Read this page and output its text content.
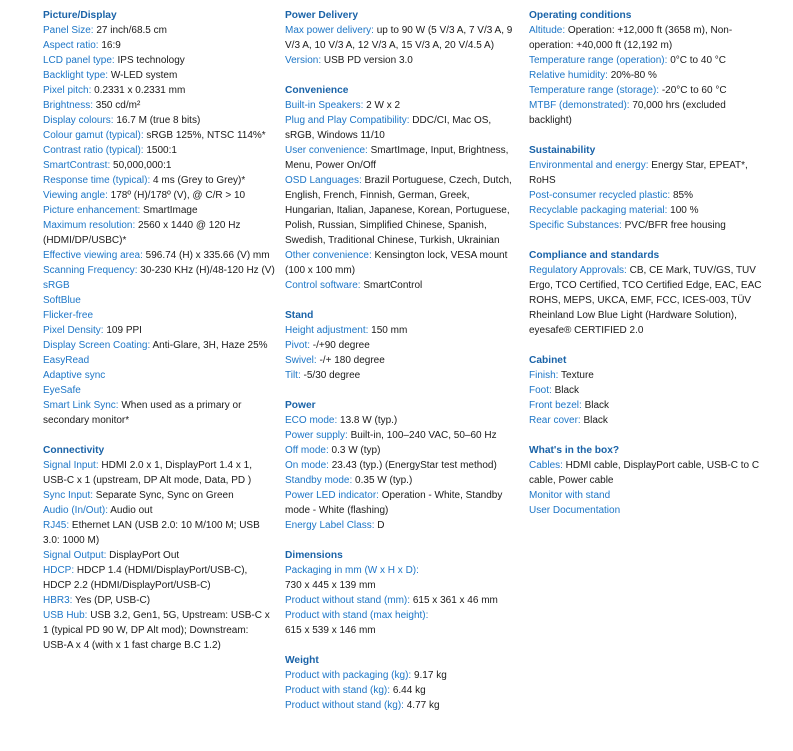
Picture/Display
Panel Size: 27 inch/68.5 cm
Aspect ratio: 16:9
LCD panel type: IPS technology
Backlight type: W-LED system
Pixel pitch: 0.2331 x 0.2331 mm
Brightness: 350 cd/m²
Display colours: 16.7 M (true 8 bits)
Colour gamut (typical): sRGB 125%, NTSC 114%*
Contrast ratio (typical): 1500:1
SmartContrast: 50,000,000:1
Response time (typical): 4 ms (Grey to Grey)*
Viewing angle: 178º (H)/178º (V), @ C/R > 10
Picture enhancement: SmartImage
Maximum resolution: 2560 x 1440 @ 120 Hz (HDMI/DP/USBC)*
Effective viewing area: 596.74 (H) x 335.66 (V) mm
Scanning Frequency: 30-230 KHz (H)/48-120 Hz (V)
sRGB
SoftBlue
Flicker-free
Pixel Density: 109 PPI
Display Screen Coating: Anti-Glare, 3H, Haze 25%
EasyRead
Adaptive sync
EyeSafe
Smart Link Sync: When used as a primary or secondary monitor*
Connectivity
Signal Input: HDMI 2.0 x 1, DisplayPort 1.4 x 1, USB-C x 1 (upstream, DP Alt mode, Data, PD )
Sync Input: Separate Sync, Sync on Green
Audio (In/Out): Audio out
RJ45: Ethernet LAN (USB 2.0: 10 M/100 M; USB 3.0: 1000 M)
Signal Output: DisplayPort Out
HDCP: HDCP 1.4 (HDMI/DisplayPort/USB-C), HDCP 2.2 (HDMI/DisplayPort/USB-C)
HBR3: Yes (DP, USB-C)
USB Hub: USB 3.2, Gen1, 5G, Upstream: USB-C x 1 (typical PD 90 W, DP Alt mod); Downstream: USB-A x 4 (with x 1 fast charge B.C 1.2)
Power Delivery
Max power delivery: up to 90 W (5 V/3 A, 7 V/3 A, 9 V/3 A, 10 V/3 A, 12 V/3 A, 15 V/3 A, 20 V/4.5 A)
Version: USB PD version 3.0
Convenience
Built-in Speakers: 2 W x 2
Plug and Play Compatibility: DDC/CI, Mac OS, sRGB, Windows 11/10
User convenience: SmartImage, Input, Brightness, Menu, Power On/Off
OSD Languages: Brazil Portuguese, Czech, Dutch, English, French, Finnish, German, Greek, Hungarian, Italian, Japanese, Korean, Portuguese, Polish, Russian, Simplified Chinese, Spanish, Swedish, Traditional Chinese, Turkish, Ukrainian
Other convenience: Kensington lock, VESA mount (100 x 100 mm)
Control software: SmartControl
Stand
Height adjustment: 150 mm
Pivot: -/+90 degree
Swivel: -/+ 180 degree
Tilt: -5/30 degree
Power
ECO mode: 13.8 W (typ.)
Power supply: Built-in, 100–240 VAC, 50–60 Hz
Off mode: 0.3 W (typ)
On mode: 23.43 (typ.) (EnergyStar test method)
Standby mode: 0.35 W (typ.)
Power LED indicator: Operation - White, Standby mode - White (flashing)
Energy Label Class: D
Dimensions
Packaging in mm (W x H x D):
730 x 445 x 139 mm
Product without stand (mm): 615 x 361 x 46 mm
Product with stand (max height):
615 x 539 x 146 mm
Weight
Product with packaging (kg): 9.17 kg
Product with stand (kg): 6.44 kg
Product without stand (kg): 4.77 kg
Operating conditions
Altitude: Operation: +12,000 ft (3658 m), Non-operation: +40,000 ft (12,192 m)
Temperature range (operation): 0°C to 40 °C
Relative humidity: 20%-80 %
Temperature range (storage): -20°C to 60 °C
MTBF (demonstrated): 70,000 hrs (excluded backlight)
Sustainability
Environmental and energy: Energy Star, EPEAT*, RoHS
Post-consumer recycled plastic: 85%
Recyclable packaging material: 100 %
Specific Substances: PVC/BFR free housing
Compliance and standards
Regulatory Approvals: CB, CE Mark, TUV/GS, TUV Ergo, TCO Certified, TCO Certified Edge, EAC, EAC ROHS, MEPS, UKCA, EMF, FCC, ICES-003, TÜV Rheinland Low Blue Light (Hardware Solution), eyesafe® CERTIFIED 2.0
Cabinet
Finish: Texture
Foot: Black
Front bezel: Black
Rear cover: Black
What's in the box?
Cables: HDMI cable, DisplayPort cable, USB-C to C cable, Power cable
Monitor with stand
User Documentation
